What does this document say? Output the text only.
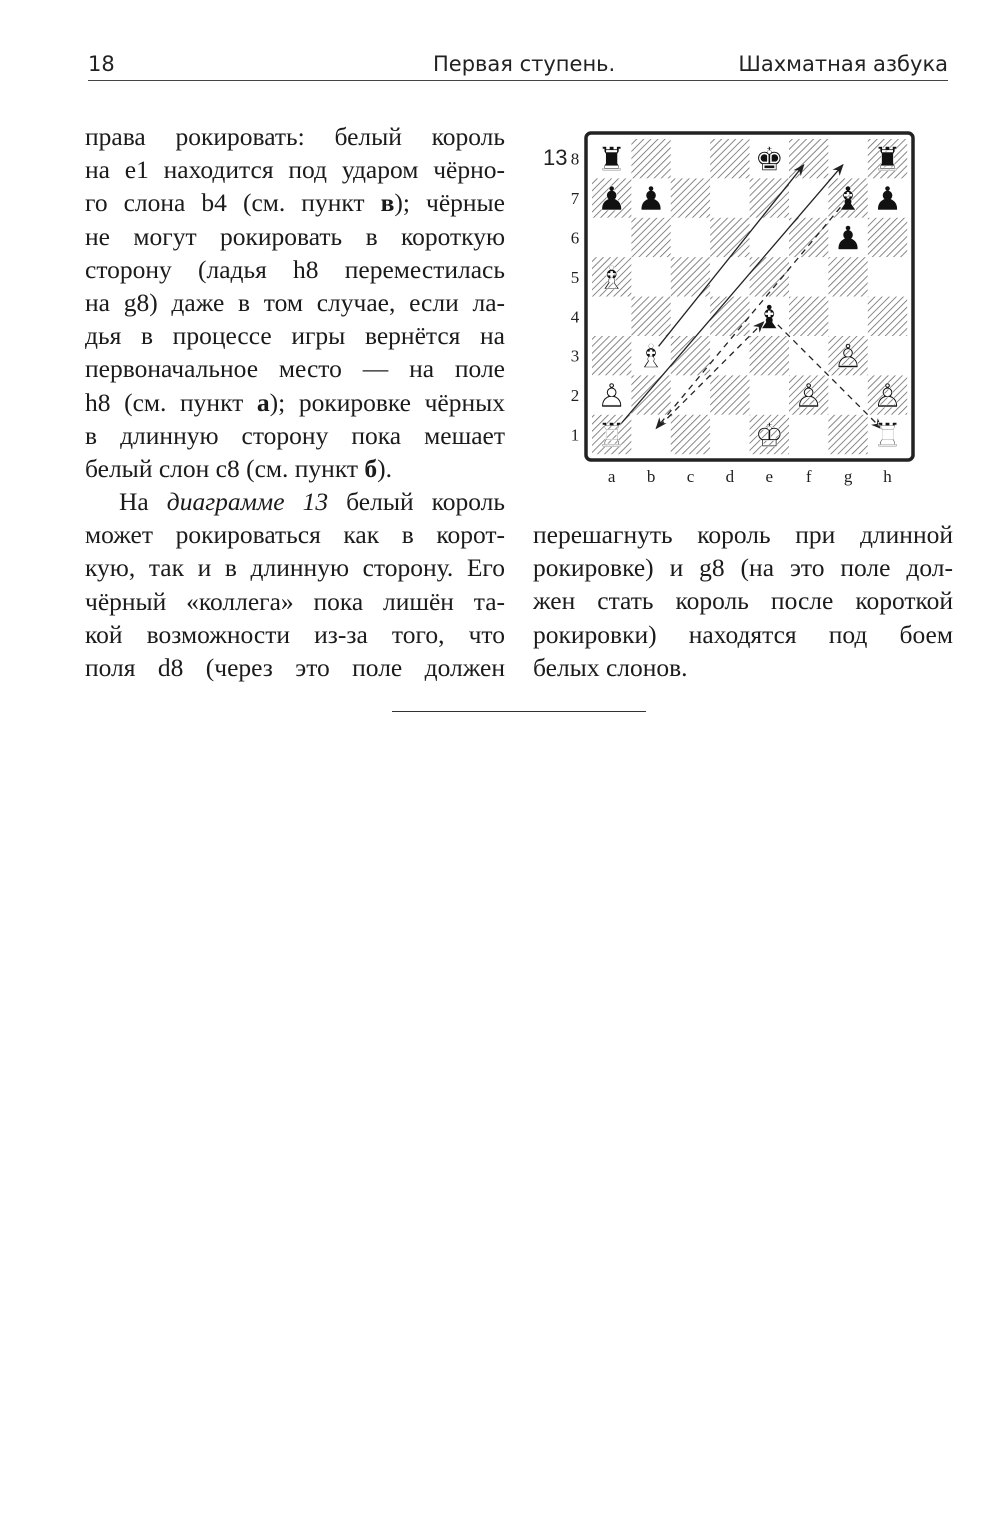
18	Первая ступень.	Шахматная азбука
права рокировать: белый король
на e1 находится под ударом чёрно-
го слона b4 (см. пункт в); чёрные
не могут рокировать в короткую
сторону (ладья h8 переместилась
на g8) даже в том случае, если ла-
дья в процессе игры вернётся на
первоначальное место — на поле
h8 (см. пункт а); рокировке чёрных
в длинную сторону пока мешает
белый слон с8 (см. пункт б).
На диаграмме 13 белый король
может рокироваться как в корот-
кую, так и в длинную сторону. Его
чёрный «коллега» пока лишён та-
кой возможности из-за того, что
поля d8 (через это поле должен
перешагнуть король при длинной
рокировке) и g8 (на это поле дол-
жен стать король после короткой
рокировки) находятся под боем
белых слонов.
13 ♜	♚	♜
♟ ♟	♝ ♟
♟
♗
♝
♗	♙
♙	♙ ♙
♖	♔	♖
8
7
6
5
4
3
2
1
a b c d e f g h
